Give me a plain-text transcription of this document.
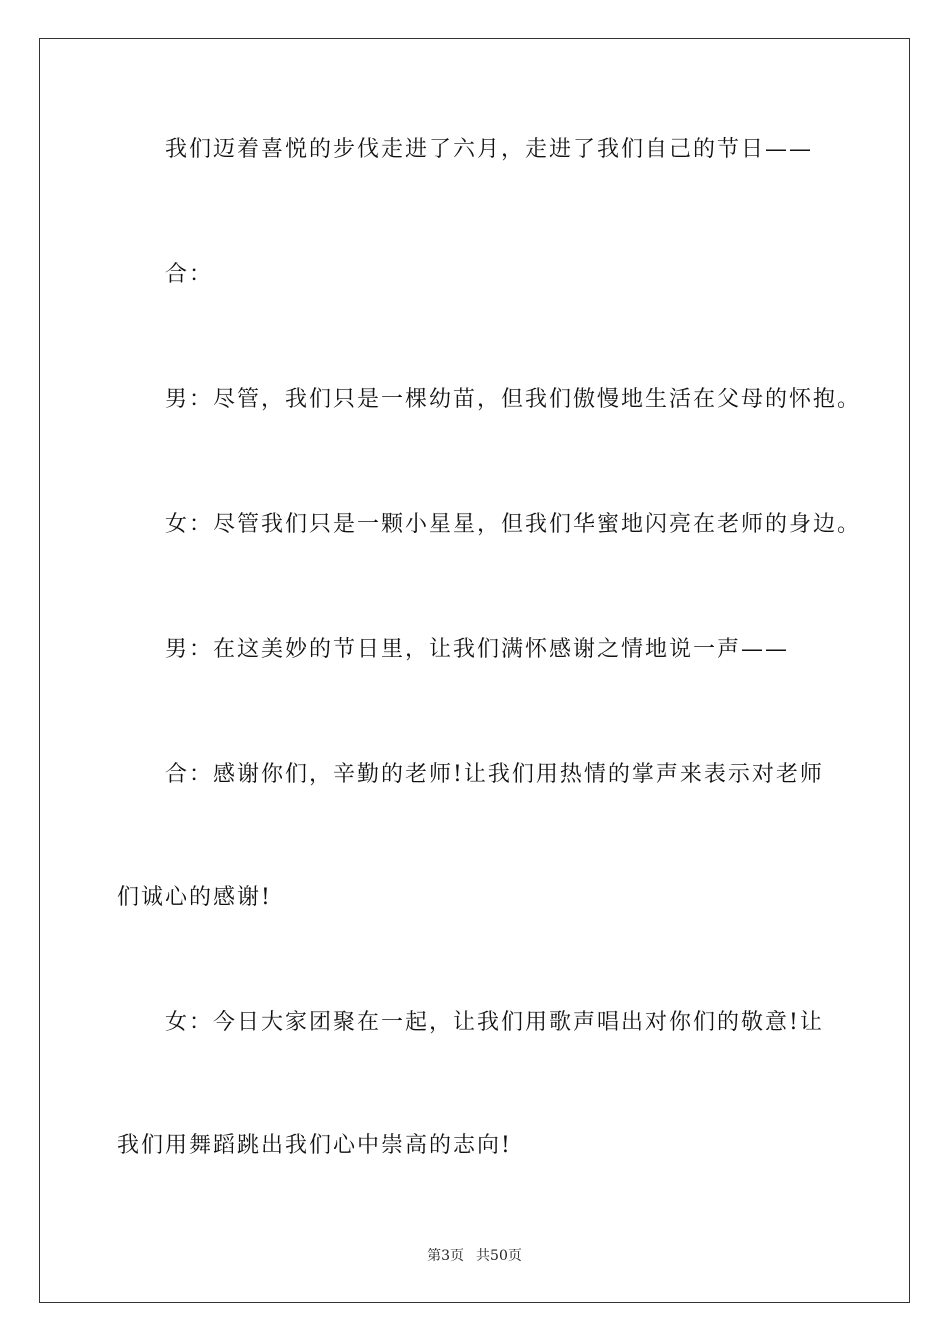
我们迈着喜悦的步伐走进了六月，走进了我们自己的节日——
合：
男：尽管，我们只是一棵幼苗，但我们傲慢地生活在父母的怀抱。
女：尽管我们只是一颗小星星，但我们华蜜地闪亮在老师的身边。
男：在这美妙的节日里，让我们满怀感谢之情地说一声——
合：感谢你们，辛勤的老师!让我们用热情的掌声来表示对老师
们诚心的感谢!
女：今日大家团聚在一起，让我们用歌声唱出对你们的敬意!让
我们用舞蹈跳出我们心中崇高的志向!
第3页 共50页
